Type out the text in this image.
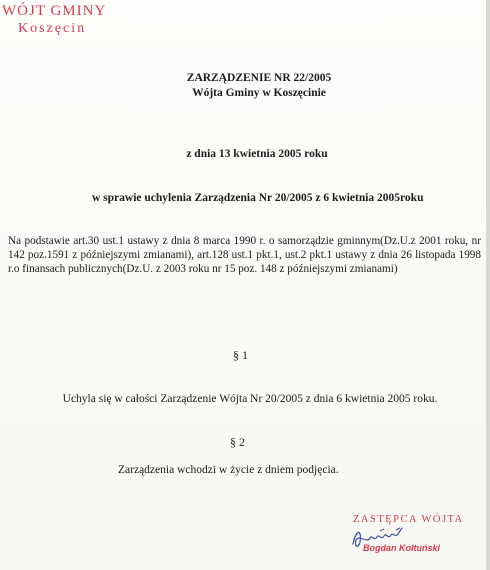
WÓJT GMINY
Koszęcin
ZARZĄDZENIE NR 22/2005
Wójta Gminy w Koszęcinie
z dnia 13 kwietnia 2005 roku
w sprawie uchylenia Zarządzenia Nr 20/2005 z 6 kwietnia 2005roku
Na podstawie art.30 ust.1 ustawy z dnia 8 marca 1990 r. o samorządzie gminnym(Dz.U.z 2001 roku, nr 142 poz.1591 z późniejszymi zmianami), art.128 ust.1 pkt.1, ust.2 pkt.1 ustawy z dnia 26 listopada 1998 r.o finansach publicznych(Dz.U. z 2003 roku nr 15 poz. 148 z późniejszymi zmianami)
§ 1
Uchyla się w całości Zarządzenie Wójta Nr 20/2005 z dnia 6 kwietnia 2005 roku.
§ 2
Zarządzenia wchodzi w życie z dniem podjęcia.
ZASTĘPCA WÓJTA
Bogdan Kołtuński
